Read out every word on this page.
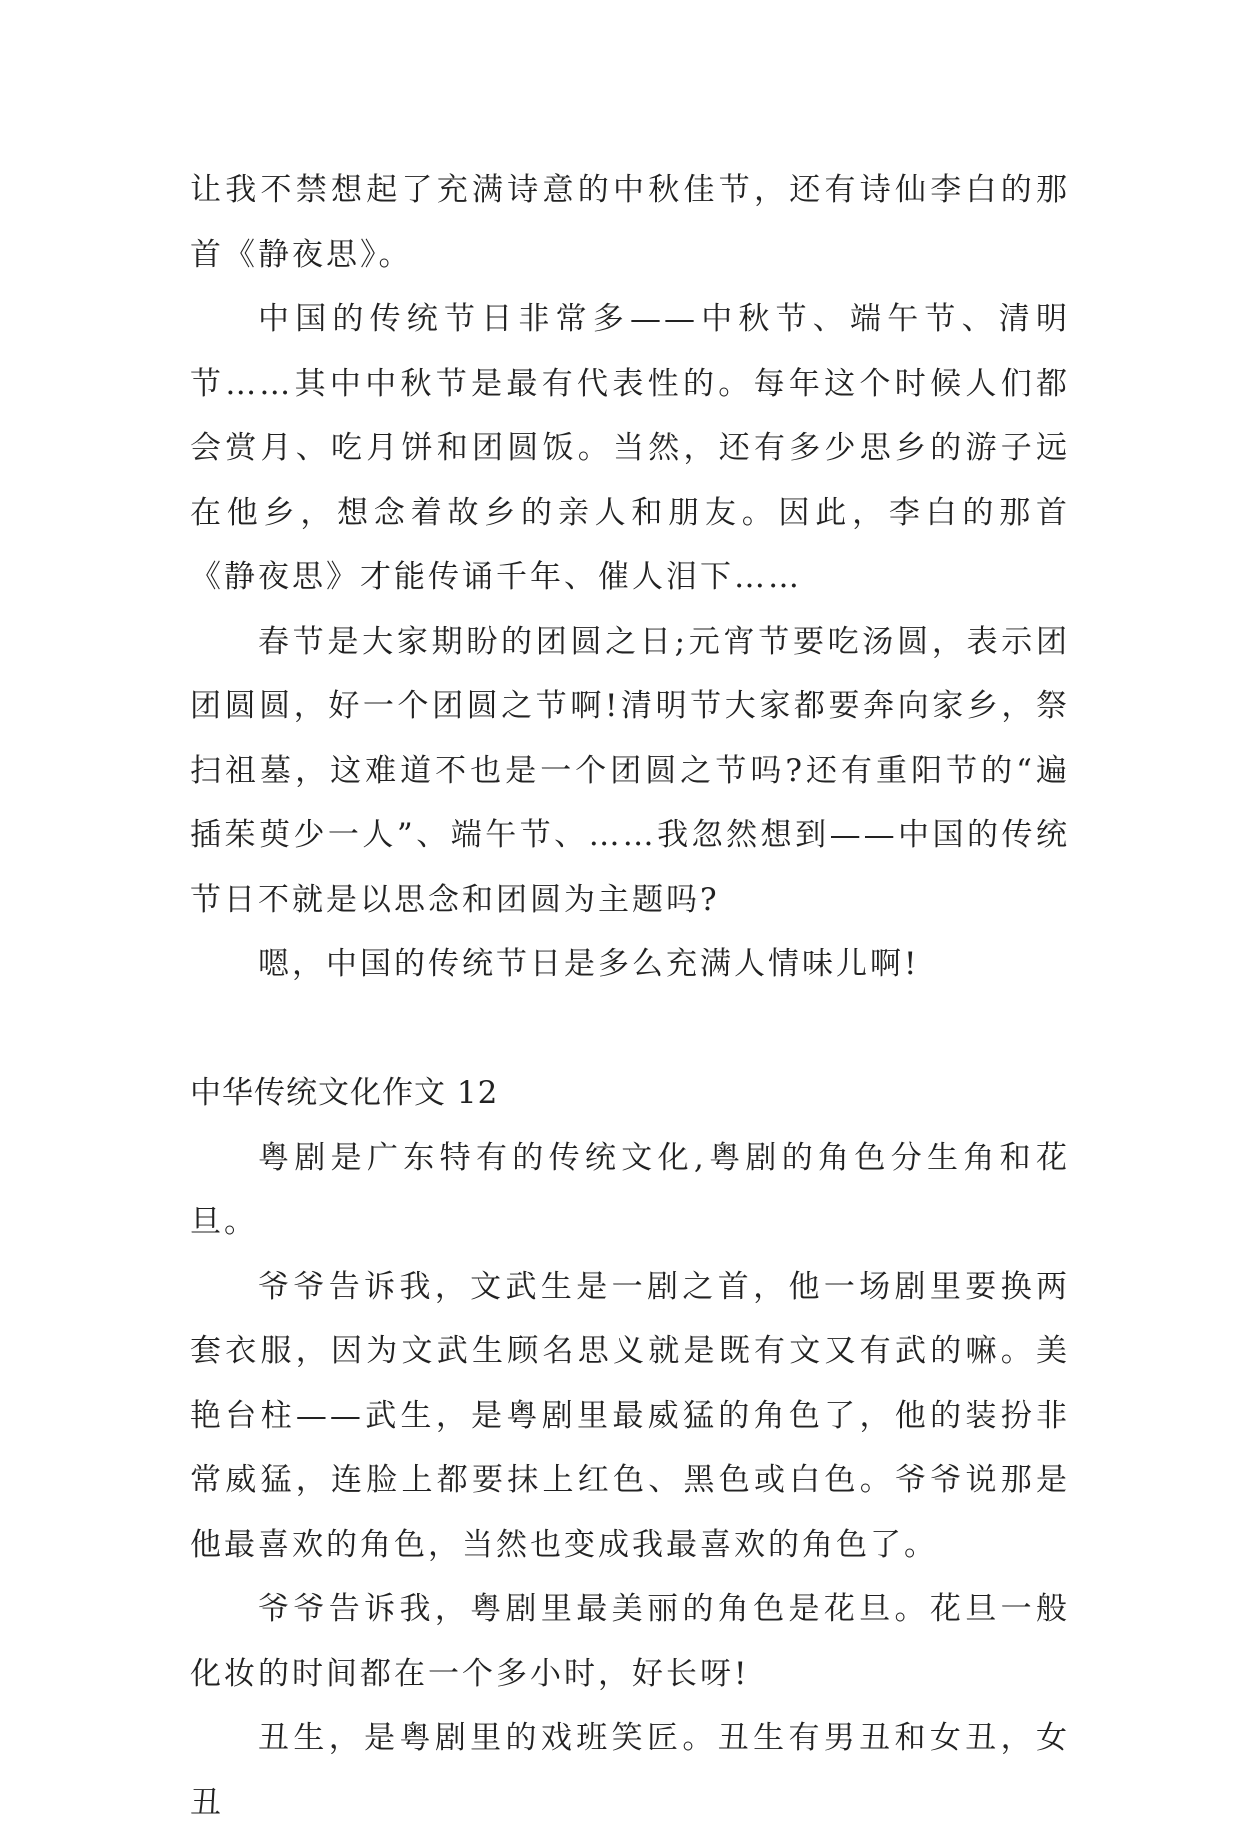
让我不禁想起了充满诗意的中秋佳节，还有诗仙李白的那首《静夜思》。

中国的传统节日非常多——中秋节、端午节、清明节……其中中秋节是最有代表性的。每年这个时候人们都会赏月、吃月饼和团圆饭。当然，还有多少思乡的游子远在他乡，想念着故乡的亲人和朋友。因此，李白的那首《静夜思》才能传诵千年、催人泪下……

春节是大家期盼的团圆之日;元宵节要吃汤圆，表示团团圆圆，好一个团圆之节啊!清明节大家都要奔向家乡，祭扫祖墓，这难道不也是一个团圆之节吗?还有重阳节的“遍插茱萸少一人”、端午节、……我忽然想到——中国的传统节日不就是以思念和团圆为主题吗?

嗯，中国的传统节日是多么充满人情味儿啊!

中华传统文化作文 12

粤剧是广东特有的传统文化,粤剧的角色分生角和花旦。

爷爷告诉我，文武生是一剧之首，他一场剧里要换两套衣服，因为文武生顾名思义就是既有文又有武的嘛。美艳台柱——武生，是粤剧里最威猛的角色了，他的装扮非常威猛，连脸上都要抹上红色、黑色或白色。爷爷说那是他最喜欢的角色，当然也变成我最喜欢的角色了。

爷爷告诉我，粤剧里最美丽的角色是花旦。花旦一般化妆的时间都在一个多小时，好长呀!

丑生，是粤剧里的戏班笑匠。丑生有男丑和女丑，女丑
